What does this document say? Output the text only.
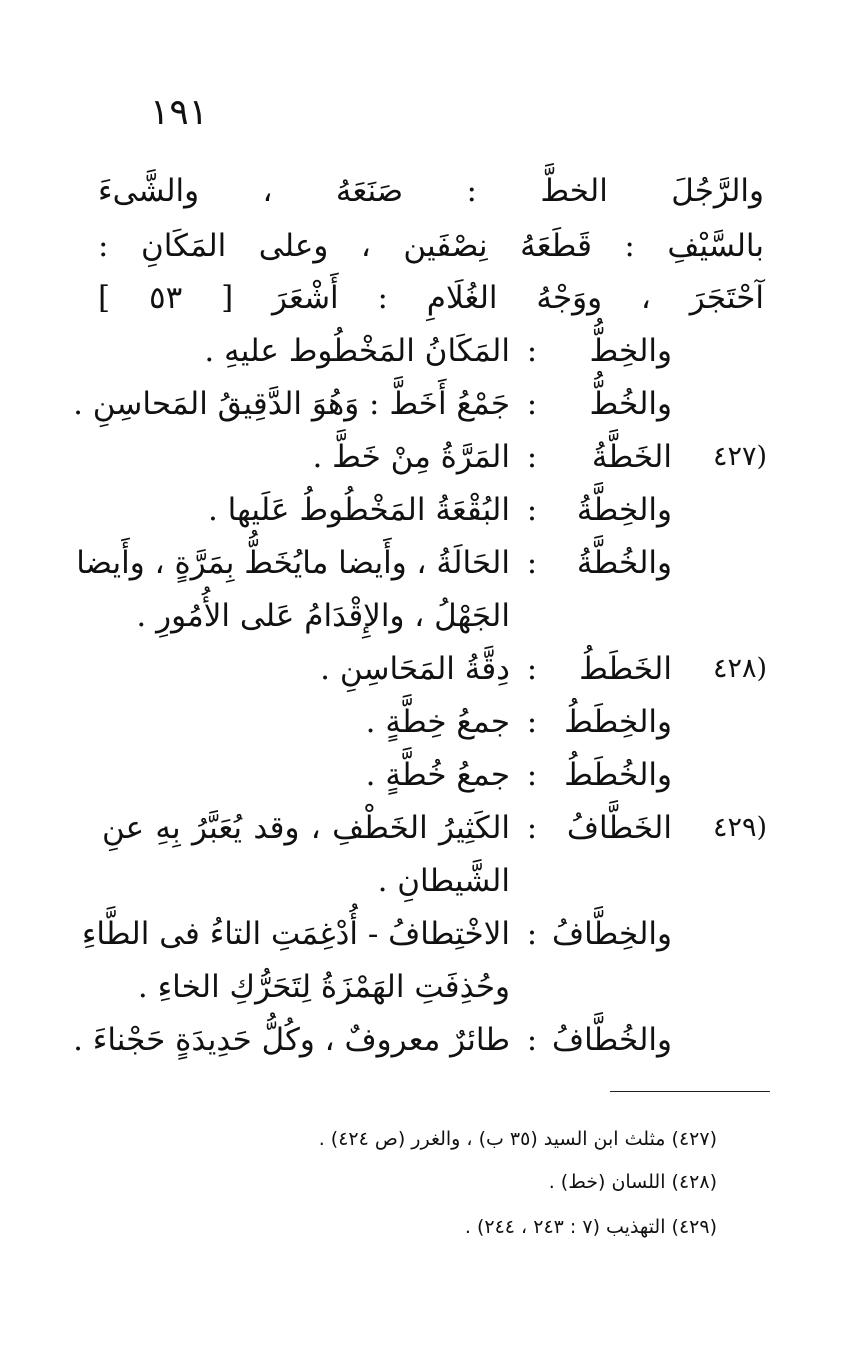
١٩١
والرَّجُلَ الخطَّ : صَنَعَهُ ، والشَّىءَ
بالسَّيْفِ : قَطَعَهُ نِصْفَين ، وعلى المَكَانِ :
آحْتَجَرَ ، ووَجْهُ الغُلَامِ : أَشْعَرَ [ ٥٣ ]
والخِطُّ
:
المَكَانُ المَخْطُوط عليهِ .
والخُطُّ
:
جَمْعُ أَخَطَّ : وَهُوَ الدَّقِيقُ المَحاسِنِ .
(٤٢٧
الخَطَّةُ
:
المَرَّةُ مِنْ خَطَّ .
والخِطَّةُ
:
البُقْعَةُ المَخْطُوطُ عَلَيها .
والخُطَّةُ
:
الحَالَةُ ، وأَيضا مايُخَطُّ بِمَرَّةٍ ، وأَيضا
الجَهْلُ ، والإِقْدَامُ عَلى الأُمُورِ .
(٤٢٨
الخَطَطُ
:
دِقَّةُ المَحَاسِنِ .
والخِطَطُ
:
جمعُ خِطَّةٍ .
والخُطَطُ
:
جمعُ خُطَّةٍ .
(٤٢٩
الخَطَّافُ
:
الكَثِيرُ الخَطْفِ ، وقد يُعَبَّرُ بِهِ عنِ
الشَّيطانِ .
والخِطَّافُ
:
الاخْتِطافُ - أُدْغِمَتِ التاءُ فى الطَّاءِ
وحُذِفَتِ الهَمْزَةُ لِتَحَرُّكِ الخاءِ .
والخُطَّافُ
:
طائرٌ معروفٌ ، وكُلُّ حَدِيدَةٍ حَجْناءَ .
(٤٢٧) مثلث ابن السيد (٣٥ ب) ، والغرر (ص ٤٢٤) .
(٤٢٨) اللسان (خط) .
(٤٢٩) التهذيب (٧ : ٢٤٣ ، ٢٤٤) .
